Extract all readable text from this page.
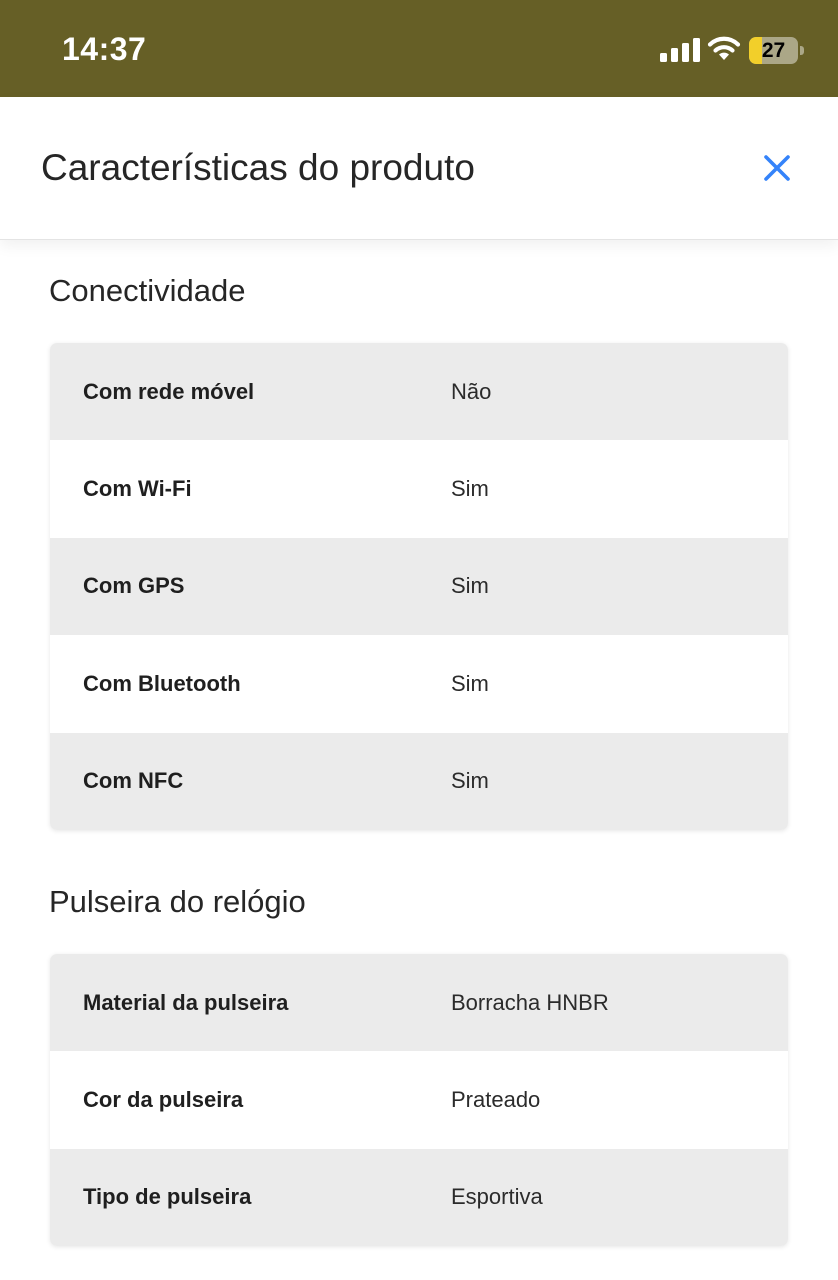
14:37	27
Características do produto
Conectividade
Com rede móvel	Não
Com Wi-Fi	Sim
Com GPS	Sim
Com Bluetooth	Sim
Com NFC	Sim
Pulseira do relógio
Material da pulseira	Borracha HNBR
Cor da pulseira	Prateado
Tipo de pulseira	Esportiva
